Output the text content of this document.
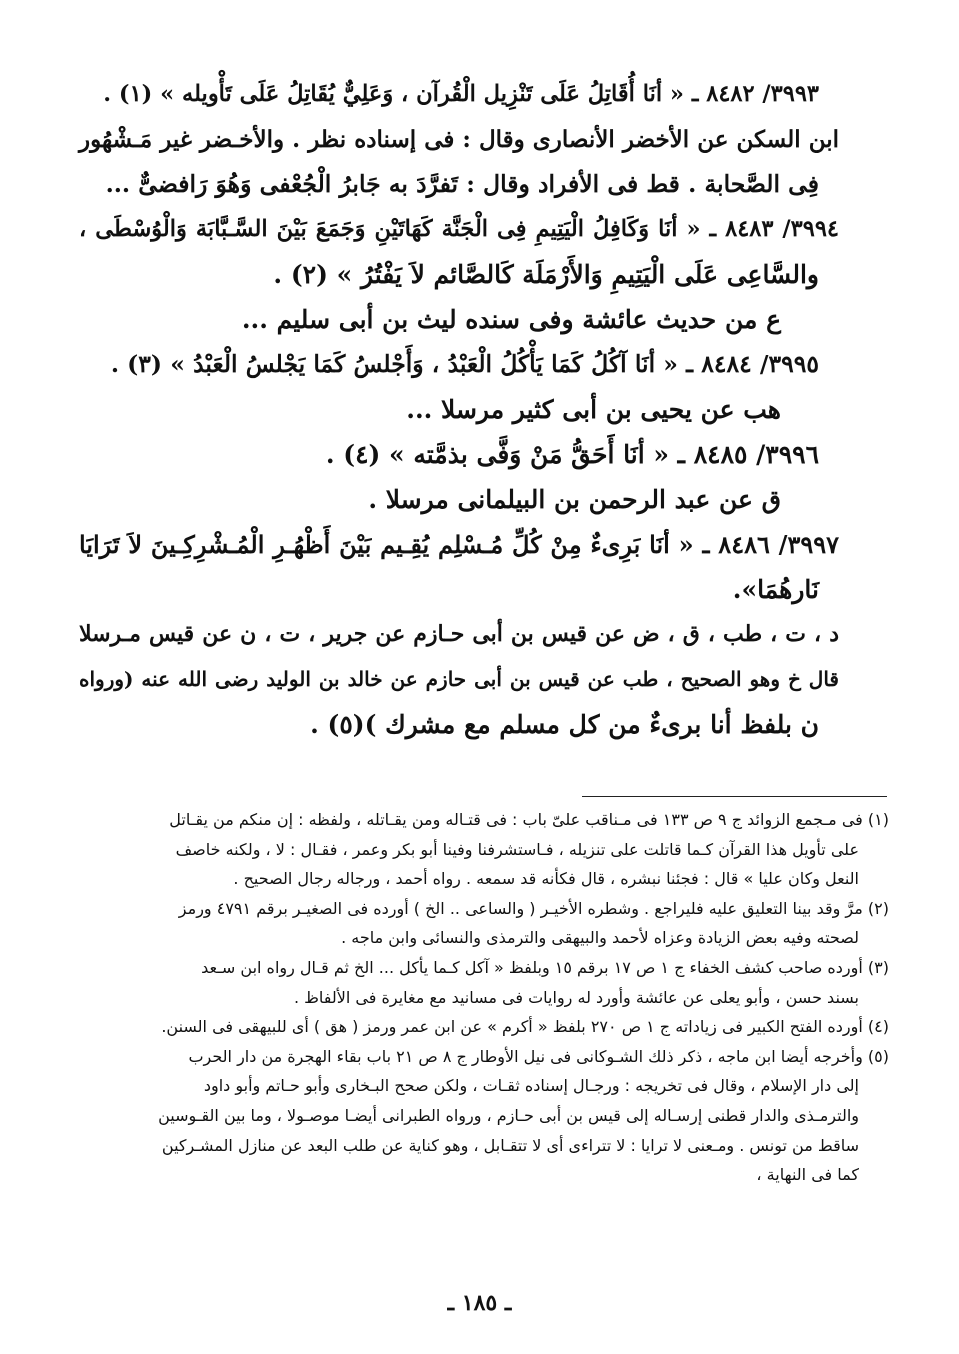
٣٩٩٣/ ٨٤٨٢ ـ « أنَا أُقَاتِلُ عَلَى تَنْزِيل الْقُرآن ، وَعَلِيٌّ يُقَاتِلُ عَلَى تَأْويله » (١) .
ابن السكن عن الأخضر الأنصارى وقال : فى إسناده نظر . والأخـضر غير مَـشْهُور
فِى الصَّحابة . قط فى الأفراد وقال : تَفرَّدَ به جَابرُ الْجُعْفى وَهُوَ رَافضىٌّ ...
٣٩٩٤/ ٨٤٨٣ ـ « أنَا وَكَافِلُ الْيَتِيمِ فِى الْجَنَّة كَهَاتَيْنِ وَجَمَعَ بَيْنَ السَّـبَّابَة وَالْوُسْطَى ،
والسَّاعِى عَلَى الْيَتِيمِ وَالأَرْمَلَة كَالصَّائم لاَ يَفْتُرُ » (٢) .
ع من حديث عائشة وفى سنده ليث بن أبى سليم ...
٣٩٩٥/ ٨٤٨٤ ـ « أنَا آكُلُ كَمَا يَأْكُلُ الْعَبْدُ ، وَأَجْلسُ كَمَا يَجْلسُ الْعَبْدُ » (٣) .
هب عن يحيى بن أبى كثير مرسلا ...
٣٩٩٦/ ٨٤٨٥ ـ « أنَا أَحَقُّ مَنْ وَفَّى بذمَّته » (٤) .
ق عن عبد الرحمن بن البيلمانى مرسلا .
٣٩٩٧/ ٨٤٨٦ ـ « أنَا بَرِىءٌ مِنْ كُلِّ مُـسْلِم يُقِـيم بَيْنَ أَظْهُـرِ الْمُـشْرِكِـينَ لاَ تَرَايَا
نَارهُمَا».
د ، ت ، طب ، ق ، ض عن قيس بن أبى حـازم عن جرير ، ت ، ن عن قيس مـرسلا
قال خ وهو الصحيح ، طب عن قيس بن أبى حازم عن خالد بن الوليد رضى الله عنه (ورواه
ن بلفظ أنا برىءٌ من كل مسلم مع مشرك )(٥) .
(١) فى مـجمع الزوائد ج ٩ ص ١٣٣ فى مـناقب علىّ باب : فى قتـاله ومن يقـاتله ، ولفظه : إن منكم من يقـاتل
على تأويل هذا القرآن كـما قاتلت على تنزيله ، فـاستشرفنا وفينا أبو بكر وعمر ، فقـال : لا ، ولكنه خاصف
النعل وكان عليا » قال : فجئنا نبشره ، قال فكأنه قد سمعه . رواه أحمد ، ورجاله رجال الصحيح .
(٢) مرَّ وقد بينا التعليق عليه فليراجع . وشطره الأخيـر ( والساعى .. الخ ) أورده فى الصغيـر برقم ٤٧٩١ ورمز
لصحته وفيه بعض الزيادة وعزاه لأحمد والبيهقى والترمذى والنسائى وابن ماجه .
(٣) أورده صاحب كشف الخفاء ج ١ ص ١٧ برقم ١٥ وبلفظ « آكل كـما يأكل ... الخ ثم قـال رواه ابن سـعد
بسند حسن ، وأبو يعلى عن عائشة وأورد له روايات فى مسانيد مع مغايرة فى الألفاظ .
(٤) أورده الفتح الكبير فى زياداته ج ١ ص ٢٧٠ بلفظ « أكرم » عن ابن عمر ورمز ( هق ) أى للبيهقى فى السنن.
(٥) وأخرجه أيضا ابن ماجه ، ذكر ذلك الشـوكانى فى نيل الأوطار ج ٨ ص ٢١ باب بقاء الهجرة من دار الحرب
إلى دار الإسلام ، وقال فى تخريجه : ورجـال إسناده ثقـات ، ولكن صحح البـخارى وأبو حـاتم وأبو داود
والترمـذى والدار قطنى إرسـاله إلى قيس بن أبى حـازم ، ورواه الطبرانى أيضـا موصـولا ، وما بين القـوسين
ساقط من تونس . ومـعنى لا ترايا : لا تتراءى أى لا تتقـابل ، وهو كناية عن طلب البعد عن منازل المشـركين
كما فى النهاية ،
ـ ١٨٥ ـ
